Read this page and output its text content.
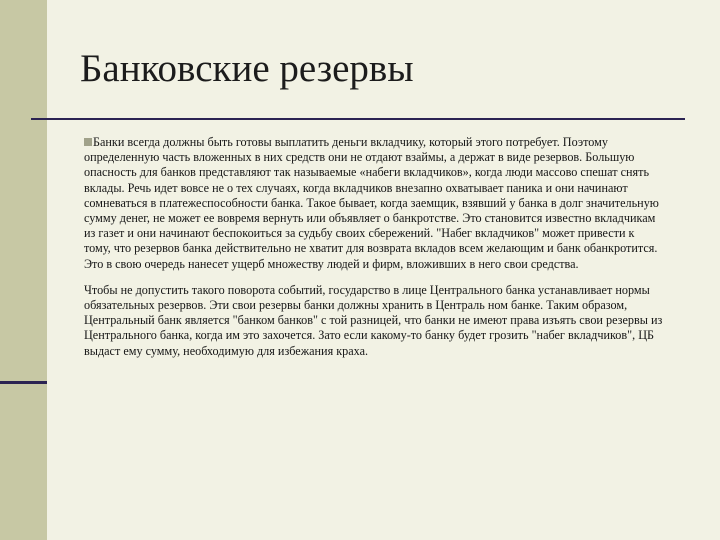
Банковские резервы

Банки всегда должны быть готовы выплатить деньги вкладчику, который этого потребует. Поэтому определенную часть вложенных в них средств они не отдают взаймы, а держат в виде резервов. Большую опасность для банков представляют так называемые «набеги вкладчиков», когда люди массово спешат снять вклады. Речь идет вовсе не о тех случаях, когда вкладчиков внезапно охватывает паника и они начинают сомневаться в платежеспособности банка. Такое бывает, когда заемщик, взявший у банка в долг значительную сумму денег, не может ее вовремя вернуть или объявляет о банкротстве. Это становится известно вкладчикам из газет и они начинают беспокоиться за судьбу своих сбережений. "Набег вкладчиков" может привести к тому, что резервов банка действительно не хватит для возврата вкладов всем желающим и банк обанкротится. Это в свою очередь нанесет ущерб множеству людей и фирм, вложивших в него свои средства.

Чтобы не допустить такого поворота событий, государство в лице Центрального банка устанавливает нормы обязательных резервов. Эти свои резервы банки должны хранить в Централь ном банке. Таким образом, Центральный банк является "банком банков" с той разницей, что банки не имеют права изъять свои резервы из Центрального банка, когда им это захочется. Зато если какому-то банку будет грозить "набег вкладчиков", ЦБ выдаст ему сумму, необходимую для избежания краха.
